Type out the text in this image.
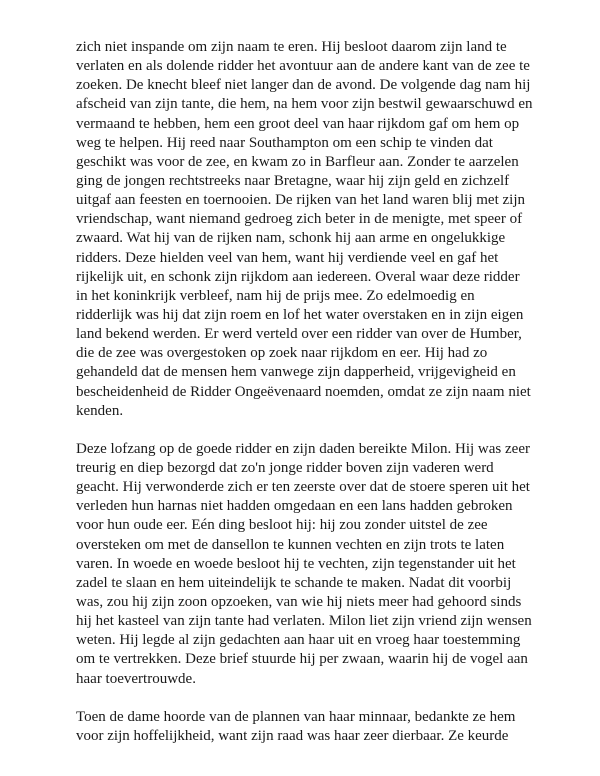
zich niet inspande om zijn naam te eren. Hij besloot daarom zijn land te
verlaten en als dolende ridder het avontuur aan de andere kant van de zee te
zoeken. De knecht bleef niet langer dan de avond. De volgende dag nam hij
afscheid van zijn tante, die hem, na hem voor zijn bestwil gewaarschuwd en
vermaand te hebben, hem een groot deel van haar rijkdom gaf om hem op
weg te helpen. Hij reed naar Southampton om een schip te vinden dat
geschikt was voor de zee, en kwam zo in Barfleur aan. Zonder te aarzelen
ging de jongen rechtstreeks naar Bretagne, waar hij zijn geld en zichzelf
uitgaf aan feesten en toernooien. De rijken van het land waren blij met zijn
vriendschap, want niemand gedroeg zich beter in de menigte, met speer of
zwaard. Wat hij van de rijken nam, schonk hij aan arme en ongelukkige
ridders. Deze hielden veel van hem, want hij verdiende veel en gaf het
rijkelijk uit, en schonk zijn rijkdom aan iedereen. Overal waar deze ridder
in het koninkrijk verbleef, nam hij de prijs mee. Zo edelmoedig en
ridderlijk was hij dat zijn roem en lof het water overstaken en in zijn eigen
land bekend werden. Er werd verteld over een ridder van over de Humber,
die de zee was overgestoken op zoek naar rijkdom en eer. Hij had zo
gehandeld dat de mensen hem vanwege zijn dapperheid, vrijgevigheid en
bescheidenheid de Ridder Ongeëvenaard noemden, omdat ze zijn naam niet
kenden.

Deze lofzang op de goede ridder en zijn daden bereikte Milon. Hij was zeer
treurig en diep bezorgd dat zo'n jonge ridder boven zijn vaderen werd
geacht. Hij verwonderde zich er ten zeerste over dat de stoere speren uit het
verleden hun harnas niet hadden omgedaan en een lans hadden gebroken
voor hun oude eer. Eén ding besloot hij: hij zou zonder uitstel de zee
oversteken om met de dansellon te kunnen vechten en zijn trots te laten
varen. In woede en woede besloot hij te vechten, zijn tegenstander uit het
zadel te slaan en hem uiteindelijk te schande te maken. Nadat dit voorbij
was, zou hij zijn zoon opzoeken, van wie hij niets meer had gehoord sinds
hij het kasteel van zijn tante had verlaten. Milon liet zijn vriend zijn wensen
weten. Hij legde al zijn gedachten aan haar uit en vroeg haar toestemming
om te vertrekken. Deze brief stuurde hij per zwaan, waarin hij de vogel aan
haar toevertrouwde.

Toen de dame hoorde van de plannen van haar minnaar, bedankte ze hem
voor zijn hoffelijkheid, want zijn raad was haar zeer dierbaar. Ze keurde
